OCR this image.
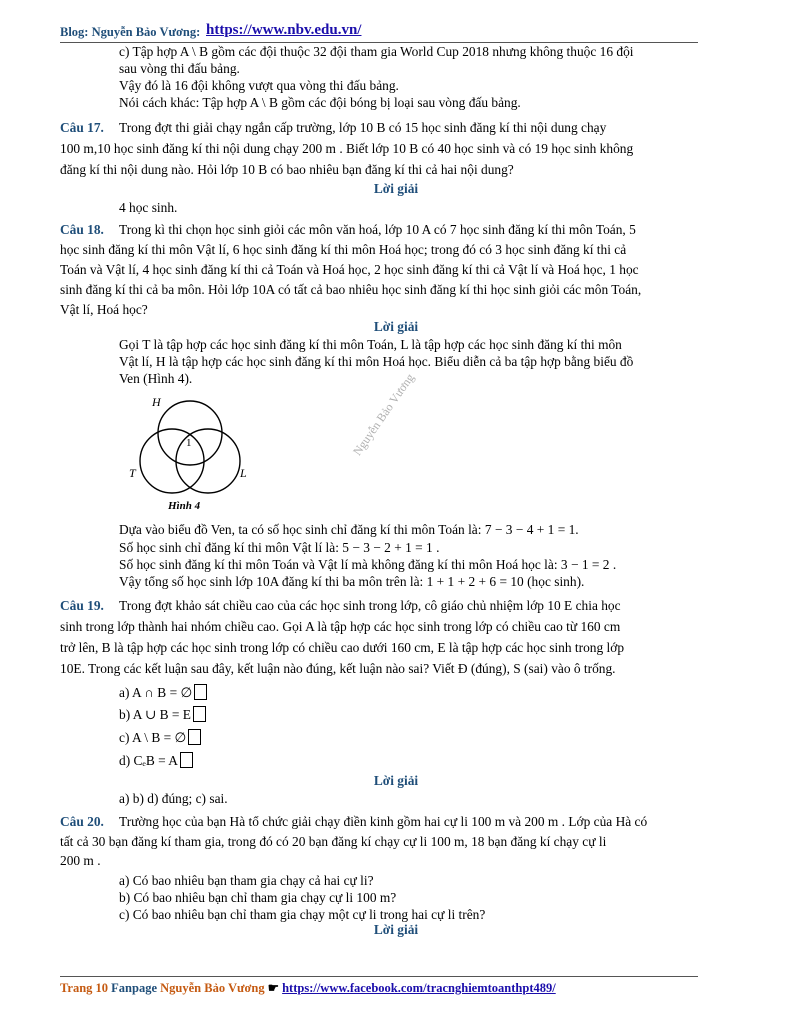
Blog: Nguyễn Bảo Vương: https://www.nbv.edu.vn/
c) Tập hợp A \ B gồm các đội thuộc 32 đội tham gia World Cup 2018 nhưng không thuộc 16 đội
sau vòng thi đấu bảng.
Vậy đó là 16 đội không vượt qua vòng thi đấu bảng.
Nói cách khác: Tập hợp A \ B gồm các đội bóng bị loại sau vòng đấu bảng.
Câu 17. Trong đợt thi giải chạy ngắn cấp trường, lớp 10 B có 15 học sinh đăng kí thi nội dung chạy
100 m,10 học sinh đăng kí thi nội dung chạy 200 m . Biết lớp 10 B có 40 học sinh và có 19 học sinh không
đăng kí thi nội dung nào. Hỏi lớp 10 B có bao nhiêu bạn đăng kí thi cả hai nội dung?
Lời giải
4 học sinh.
Câu 18. Trong kì thi chọn học sinh giỏi các môn văn hoá, lớp 10 A có 7 học sinh đăng kí thi môn Toán, 5
học sinh đăng kí thi môn Vật lí, 6 học sinh đăng kí thi môn Hoá học; trong đó có 3 học sinh đăng kí thi cả
Toán và Vật lí, 4 học sinh đăng kí thi cả Toán và Hoá học, 2 học sinh đăng kí thi cả Vật lí và Hoá học, 1 học
sinh đăng kí thi cả ba môn. Hỏi lớp 10A có tất cả bao nhiêu học sinh đăng kí thi học sinh giỏi các môn Toán,
Vật lí, Hoá học?
Lời giải
Gọi T là tập hợp các học sinh đăng kí thi môn Toán, L là tập hợp các học sinh đăng kí thi môn
Vật lí, H là tập hợp các học sinh đăng kí thi môn Hoá học. Biểu diễn cả ba tập hợp bằng biểu đồ
Ven (Hình 4).
H
T	L
1
Hình 4
Nguyễn Bảo Vương
Dựa vào biểu đồ Ven, ta có số học sinh chỉ đăng kí thi môn Toán là: 7 − 3 − 4 + 1 = 1.
Số học sinh chỉ đăng kí thi môn Vật lí là: 5 − 3 − 2 + 1 = 1 .
Số học sinh đăng kí thi môn Toán và Vật lí mà không đăng kí thi môn Hoá học là: 3 − 1 = 2 .
Vậy tổng số học sinh lớp 10A đăng kí thi ba môn trên là: 1 + 1 + 2 + 6 = 10 (học sinh).
Câu 19. Trong đợt khảo sát chiều cao của các học sinh trong lớp, cô giáo chủ nhiệm lớp 10 E chia học
sinh trong lớp thành hai nhóm chiều cao. Gọi A là tập hợp các học sinh trong lớp có chiều cao từ 160 cm
trở lên, B là tập hợp các học sinh trong lớp có chiều cao dưới 160 cm, E là tập hợp các học sinh trong lớp
10E. Trong các kết luận sau đây, kết luận nào đúng, kết luận nào sai? Viết Đ (đúng), S (sai) vào ô trống.
a) A ∩ B = ∅
b) A ∪ B = E
c) A \ B = ∅
d) CₑB = A
Lời giải
a) b) d) đúng; c) sai.
Câu 20. Trường học của bạn Hà tổ chức giải chạy điền kinh gồm hai cự li 100 m và 200 m . Lớp của Hà có
tất cả 30 bạn đăng kí tham gia, trong đó có 20 bạn đăng kí chạy cự li 100 m, 18 bạn đăng kí chạy cự li
200 m .
a) Có bao nhiêu bạn tham gia chạy cả hai cự li?
b) Có bao nhiêu bạn chỉ tham gia chạy cự li 100 m?
c) Có bao nhiêu bạn chỉ tham gia chạy một cự li trong hai cự li trên?
Lời giải
Trang 10 Fanpage Nguyễn Bảo Vương ☛ https://www.facebook.com/tracnghiemtoanthpt489/
